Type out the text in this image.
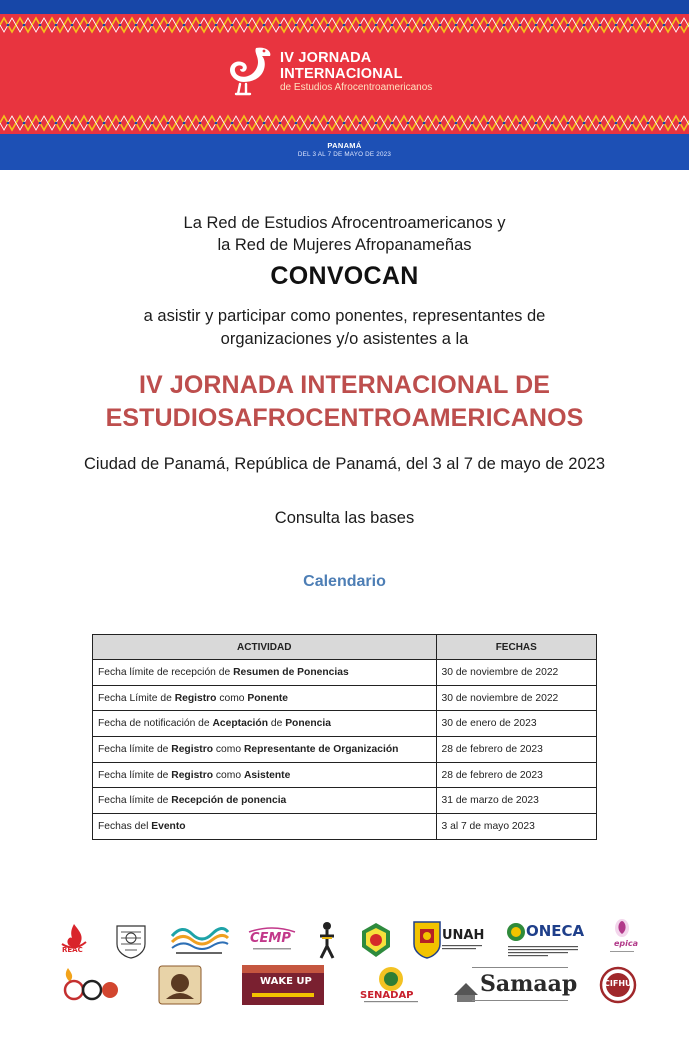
IV JORNADA
INTERNACIONAL
de Estudios Afrocentroamericanos
PANAMÁ
DEL 3 AL 7 DE MAYO DE 2023
La Red de Estudios Afrocentroamericanos y
la Red de Mujeres Afropanameñas
CONVOCAN
a asistir y participar como ponentes, representantes de
organizaciones y/o asistentes a la
IV JORNADA INTERNACIONAL DE
ESTUDIOSAFROCENTROAMERICANOS
Ciudad de Panamá, República de Panamá, del 3 al 7 de mayo de 2023
Consulta las bases
Calendario
ACTIVIDAD	FECHAS
Fecha límite de recepción de Resumen de Ponencias	30 de noviembre de 2022
Fecha Límite de Registro como Ponente	30 de noviembre de 2022
Fecha de notificación de Aceptación de Ponencia	30 de enero de 2023
Fecha límite de Registro como Representante de Organización	28 de febrero de 2023
Fecha límite de Registro como Asistente	28 de febrero de 2023
Fecha límite de Recepción de ponencia	31 de marzo de 2023
Fechas del Evento	3 al 7 de mayo 2023
REAC
CEMP	UNAH	ONECA
epica
WAKE UP
SENADAP	Samaap	CIFHU
